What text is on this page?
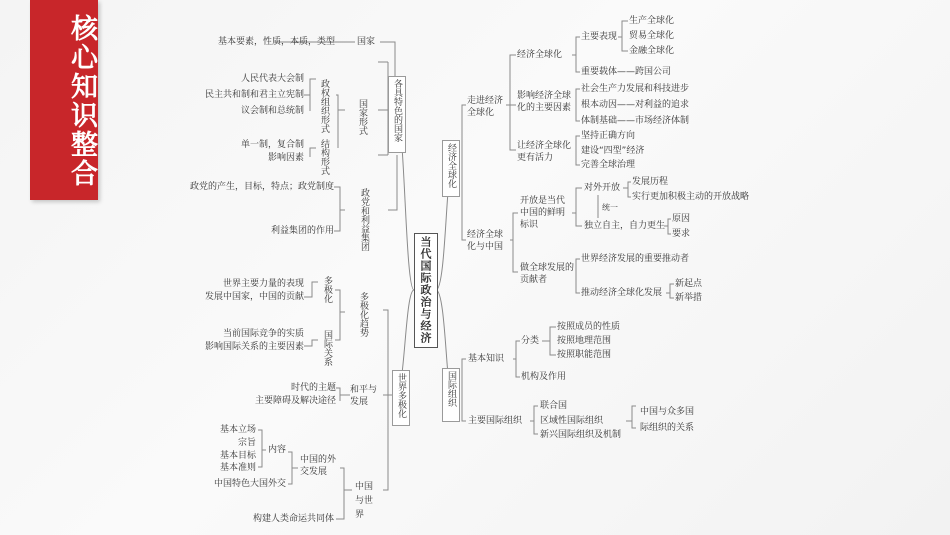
核心知识整合
当代国际政治与经济
各具特色的国家
国家
基本要素，性质，本质，类型
国家形式
政权组织形式
人民代表大会制
民主共和制和君主立宪制
议会制和总统制
结构形式
单一制，复合制
影响因素
政党和利益集团
政党的产生，目标，特点；政党制度
利益集团的作用
世界多极化
多极化趋势
多极化
世界主要力量的表现
发展中国家，中国的贡献
国际关系
当前国际竞争的实质
影响国际关系的主要因素
和平与发展
时代的主题
主要障碍及解决途径
中国与世界
中国的外交发展
内容
基本立场
宗旨
基本目标
基本准则
中国特色大国外交
构建人类命运共同体
经济全球化
走进经济全球化
经济全球化
主要表现
生产全球化
贸易全球化
金融全球化
重要载体——跨国公司
影响经济全球化的主要因素
社会生产力发展和科技进步
根本动因——对利益的追求
体制基础——市场经济体制
让经济全球化更有活力
坚持正确方向
建设“四型”经济
完善全球治理
经济全球化与中国
开放是当代中国的鲜明标识
对外开放
发展历程
实行更加积极主动的开放战略
统一
独立自主，自力更生
原因
要求
做全球发展的贡献者
世界经济发展的重要推动者
推动经济全球化发展
新起点
新举措
国际组织
基本知识
分类
按照成员的性质
按照地理范围
按照职能范围
机构及作用
主要国际组织
联合国
区域性国际组织
新兴国际组织及机制
中国与众多国
际组织的关系
